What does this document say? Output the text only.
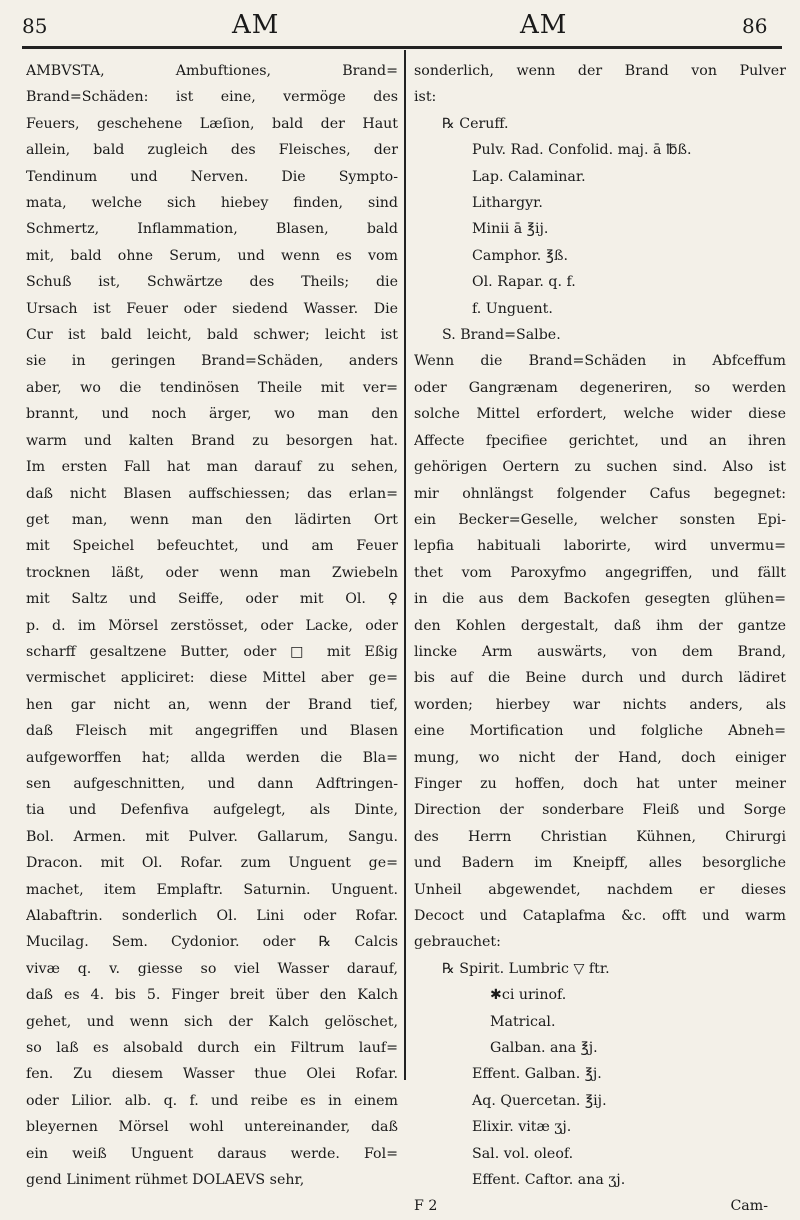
85	AM	AM	86
AMBVSTA, Ambuftiones, Brand=
Brand=Schäden: ist eine, vermöge des
Feuers, geschehene Læſion, bald der Haut
allein, bald zugleich des Fleisches, der
Tendinum und Nerven. Die Sympto-
mata, welche sich hiebey finden, sind
Schmertz, Inflammation, Blasen, bald
mit, bald ohne Serum, und wenn es vom
Schuß ist, Schwärtze des Theils; die
Ursach ist Feuer oder siedend Wasser. Die
Cur ist bald leicht, bald schwer; leicht ist
sie in geringen Brand=Schäden, anders
aber, wo die tendinösen Theile mit ver=
brannt, und noch ärger, wo man den
warm und kalten Brand zu besorgen hat.
Im ersten Fall hat man darauf zu sehen,
daß nicht Blasen auffschiessen; das erlan=
get man, wenn man den lädirten Ort
mit Speichel befeuchtet, und am Feuer
trocknen läßt, oder wenn man Zwiebeln
mit Saltz und Seiffe, oder mit Ol. ♀
p. d. im Mörsel zerstösset, oder Lacke, oder
scharff gesaltzene Butter, oder □ mit Eßig
vermischet appliciret: diese Mittel aber ge=
hen gar nicht an, wenn der Brand tief,
daß Fleisch mit angegriffen und Blasen
aufgeworffen hat; allda werden die Bla=
sen aufgeschnitten, und dann Adftringen-
tia und Defenfiva aufgelegt, als Dinte,
Bol. Armen. mit Pulver. Gallarum, Sangu.
Dracon. mit Ol. Rofar. zum Unguent ge=
machet, item Emplaftr. Saturnin. Unguent.
Alabaftrin. sonderlich Ol. Lini oder Rofar.
Mucilag. Sem. Cydonior. oder ℞ Calcis
vivæ q. v. giesse so viel Wasser darauf,
daß es 4. bis 5. Finger breit über den Kalch
gehet, und wenn sich der Kalch gelöschet,
so laß es alsobald durch ein Filtrum lauf=
fen. Zu diesem Wasser thue Olei Rofar.
oder Lilior. alb. q. f. und reibe es in einem
bleyernen Mörsel wohl untereinander, daß
ein weiß Unguent daraus werde. Fol=
gend Liniment rühmet DOLAEVS sehr,
sonderlich, wenn der Brand von Pulver
ist:
℞ Ceruff.
Pulv. Rad. Confolid. maj. ā ℔ß.
Lap. Calaminar.
Lithargyr.
Minii ā ℥ij.
Camphor. ℥ß.
Ol. Rapar. q. f.
f. Unguent.
S. Brand=Salbe.
Wenn die Brand=Schäden in Abfceffum
oder Gangrænam degeneriren, so werden
solche Mittel erfordert, welche wider diese
Affecte fpecifiee gerichtet, und an ihren
gehörigen Oertern zu suchen sind. Also ist
mir ohnlängst folgender Cafus begegnet:
ein Becker=Geselle, welcher sonsten Epi-
lepfia habituali laborirte, wird unvermu=
thet vom Paroxyfmo angegriffen, und fällt
in die aus dem Backofen gesegten glühen=
den Kohlen dergestalt, daß ihm der gantze
lincke Arm auswärts, von dem Brand,
bis auf die Beine durch und durch lädiret
worden; hierbey war nichts anders, als
eine Mortification und folgliche Abneh=
mung, wo nicht der Hand, doch einiger
Finger zu hoffen, doch hat unter meiner
Direction der sonderbare Fleiß und Sorge
des Herrn Christian Kühnen, Chirurgi
und Badern im Kneipff, alles besorgliche
Unheil abgewendet, nachdem er dieses
Decoct und Cataplafma &c. offt und warm
gebrauchet:
℞ Spirit. Lumbric ▽ ftr.
✱ci urinof.
Matrical.
Galban. ana ℥j.
Effent. Galban. ℥j.
Aq. Quercetan. ℥ij.
Elixir. vitæ ʒj.
Sal. vol. oleof.
Effent. Caftor. ana ʒj.
F 2	Cam-
